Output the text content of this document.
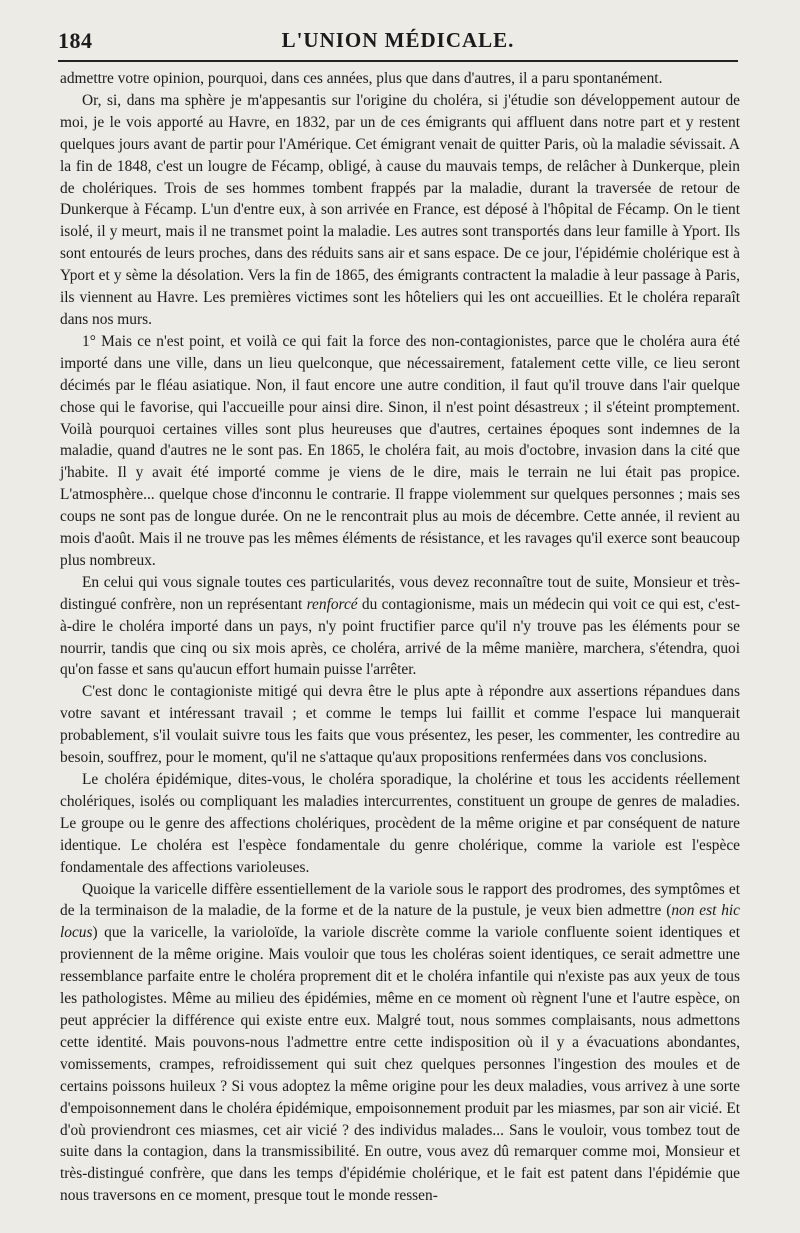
184	L'UNION MÉDICALE.

admettre votre opinion, pourquoi, dans ces années, plus que dans d'autres, il a paru spontanément.

Or, si, dans ma sphère je m'appesantis sur l'origine du choléra, si j'étudie son développement autour de moi, je le vois apporté au Havre, en 1832, par un de ces émigrants qui affluent dans notre part et y restent quelques jours avant de partir pour l'Amérique. Cet émigrant venait de quitter Paris, où la maladie sévissait. A la fin de 1848, c'est un lougre de Fécamp, obligé, à cause du mauvais temps, de relâcher à Dunkerque, plein de cholériques. Trois de ses hommes tombent frappés par la maladie, durant la traversée de retour de Dunkerque à Fécamp. L'un d'entre eux, à son arrivée en France, est déposé à l'hôpital de Fécamp. On le tient isolé, il y meurt, mais il ne transmet point la maladie. Les autres sont transportés dans leur famille à Yport. Ils sont entourés de leurs proches, dans des réduits sans air et sans espace. De ce jour, l'épidémie cholérique est à Yport et y sème la désolation. Vers la fin de 1865, des émigrants contractent la maladie à leur passage à Paris, ils viennent au Havre. Les premières victimes sont les hôteliers qui les ont accueillies. Et le choléra reparaît dans nos murs.

1° Mais ce n'est point, et voilà ce qui fait la force des non-contagionistes, parce que le choléra aura été importé dans une ville, dans un lieu quelconque, que nécessairement, fatalement cette ville, ce lieu seront décimés par le fléau asiatique. Non, il faut encore une autre condition, il faut qu'il trouve dans l'air quelque chose qui le favorise, qui l'accueille pour ainsi dire. Sinon, il n'est point désastreux ; il s'éteint promptement. Voilà pourquoi certaines villes sont plus heureuses que d'autres, certaines époques sont indemnes de la maladie, quand d'autres ne le sont pas. En 1865, le choléra fait, au mois d'octobre, invasion dans la cité que j'habite. Il y avait été importé comme je viens de le dire, mais le terrain ne lui était pas propice. L'atmosphère... quelque chose d'inconnu le contrarie. Il frappe violemment sur quelques personnes ; mais ses coups ne sont pas de longue durée. On ne le rencontrait plus au mois de décembre. Cette année, il revient au mois d'août. Mais il ne trouve pas les mêmes éléments de résistance, et les ravages qu'il exerce sont beaucoup plus nombreux.

En celui qui vous signale toutes ces particularités, vous devez reconnaître tout de suite, Monsieur et très-distingué confrère, non un représentant renforcé du contagionisme, mais un médecin qui voit ce qui est, c'est-à-dire le choléra importé dans un pays, n'y point fructifier parce qu'il n'y trouve pas les éléments pour se nourrir, tandis que cinq ou six mois après, ce choléra, arrivé de la même manière, marchera, s'étendra, quoi qu'on fasse et sans qu'aucun effort humain puisse l'arrêter.

C'est donc le contagioniste mitigé qui devra être le plus apte à répondre aux assertions répandues dans votre savant et intéressant travail ; et comme le temps lui faillit et comme l'espace lui manquerait probablement, s'il voulait suivre tous les faits que vous présentez, les peser, les commenter, les contredire au besoin, souffrez, pour le moment, qu'il ne s'attaque qu'aux propositions renfermées dans vos conclusions.

Le choléra épidémique, dites-vous, le choléra sporadique, la cholérine et tous les accidents réellement cholériques, isolés ou compliquant les maladies intercurrentes, constituent un groupe de genres de maladies. Le groupe ou le genre des affections cholériques, procèdent de la même origine et par conséquent de nature identique. Le choléra est l'espèce fondamentale du genre cholérique, comme la variole est l'espèce fondamentale des affections varioleuses.

Quoique la varicelle diffère essentiellement de la variole sous le rapport des prodromes, des symptômes et de la terminaison de la maladie, de la forme et de la nature de la pustule, je veux bien admettre (non est hic locus) que la varicelle, la varioloïde, la variole discrète comme la variole confluente soient identiques et proviennent de la même origine. Mais vouloir que tous les choléras soient identiques, ce serait admettre une ressemblance parfaite entre le choléra proprement dit et le choléra infantile qui n'existe pas aux yeux de tous les pathologistes. Même au milieu des épidémies, même en ce moment où règnent l'une et l'autre espèce, on peut apprécier la différence qui existe entre eux. Malgré tout, nous sommes complaisants, nous admettons cette identité. Mais pouvons-nous l'admettre entre cette indisposition où il y a évacuations abondantes, vomissements, crampes, refroidissement qui suit chez quelques personnes l'ingestion des moules et de certains poissons huileux ? Si vous adoptez la même origine pour les deux maladies, vous arrivez à une sorte d'empoisonnement dans le choléra épidémique, empoisonnement produit par les miasmes, par son air vicié. Et d'où proviendront ces miasmes, cet air vicié ? des individus malades... Sans le vouloir, vous tombez tout de suite dans la contagion, dans la transmissibilité. En outre, vous avez dû remarquer comme moi, Monsieur et très-distingué confrère, que dans les temps d'épidémie cholérique, et le fait est patent dans l'épidémie que nous traversons en ce moment, presque tout le monde ressen-
